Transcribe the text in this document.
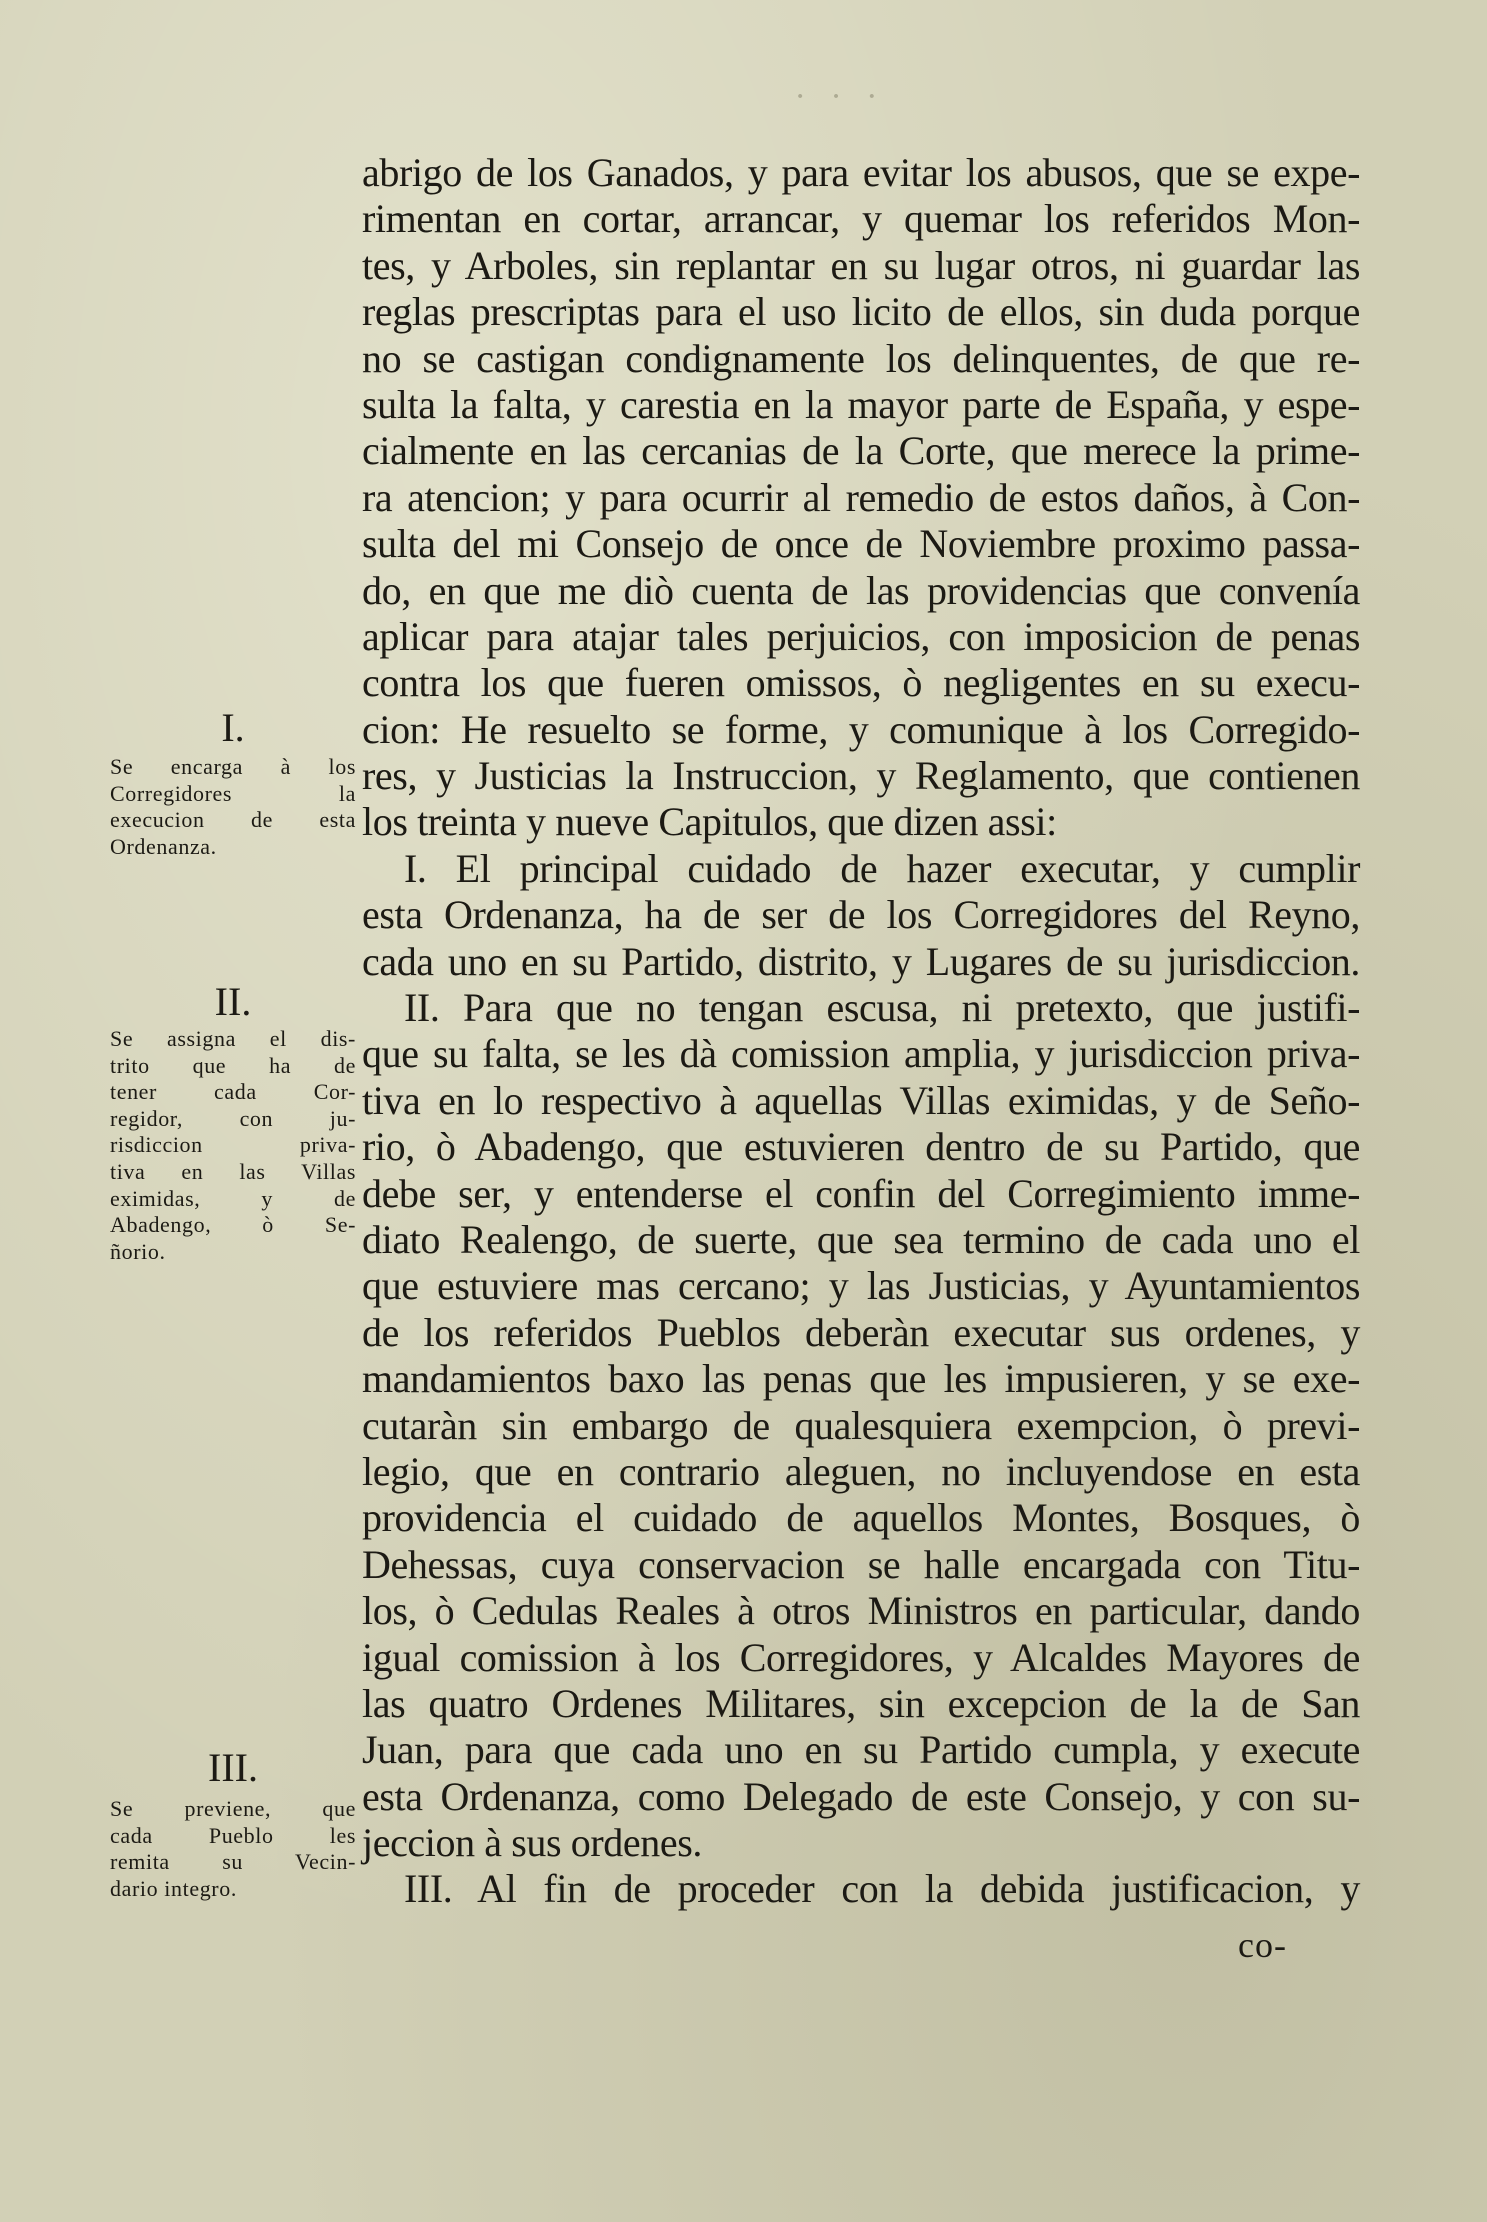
· · ·
abrigo de los Ganados, y para evitar los abusos, que se expe-
rimentan en cortar, arrancar, y quemar los referidos Mon-
tes, y Arboles, sin replantar en su lugar otros, ni guardar las
reglas prescriptas para el uso licito de ellos, sin duda porque
no se castigan condignamente los delinquentes, de que re-
sulta la falta, y carestia en la mayor parte de España, y espe-
cialmente en las cercanias de la Corte, que merece la prime-
ra atencion; y para ocurrir al remedio de estos daños, à Con-
sulta del mi Consejo de once de Noviembre proximo passa-
do, en que me diò cuenta de las providencias que convenía
aplicar para atajar tales perjuicios, con imposicion de penas
contra los que fueren omissos, ò negligentes en su execu-
cion: He resuelto se forme, y comunique à los Corregido-
res, y Justicias la Instruccion, y Reglamento, que contienen
los treinta y nueve Capitulos, que dizen assi:
I. El principal cuidado de hazer executar, y cumplir
esta Ordenanza, ha de ser de los Corregidores del Reyno,
cada uno en su Partido, distrito, y Lugares de su jurisdiccion.
II. Para que no tengan escusa, ni pretexto, que justifi-
que su falta, se les dà comission amplia, y jurisdiccion priva-
tiva en lo respectivo à aquellas Villas eximidas, y de Seño-
rio, ò Abadengo, que estuvieren dentro de su Partido, que
debe ser, y entenderse el confin del Corregimiento imme-
diato Realengo, de suerte, que sea termino de cada uno el
que estuviere mas cercano; y las Justicias, y Ayuntamientos
de los referidos Pueblos deberàn executar sus ordenes, y
mandamientos baxo las penas que les impusieren, y se exe-
cutaràn sin embargo de qualesquiera exempcion, ò previ-
legio, que en contrario aleguen, no incluyendose en esta
providencia el cuidado de aquellos Montes, Bosques, ò
Dehessas, cuya conservacion se halle encargada con Titu-
los, ò Cedulas Reales à otros Ministros en particular, dando
igual comission à los Corregidores, y Alcaldes Mayores de
las quatro Ordenes Militares, sin excepcion de la de San
Juan, para que cada uno en su Partido cumpla, y execute
esta Ordenanza, como Delegado de este Consejo, y con su-
jeccion à sus ordenes.
III. Al fin de proceder con la debida justificacion, y
co-
I.
Se encarga à los
Corregidores la
execucion de esta
Ordenanza.
II.
Se assigna el dis-
trito que ha de
tener cada Cor-
regidor, con ju-
risdiccion priva-
tiva en las Villas
eximidas, y de
Abadengo, ò Se-
ñorio.
III.
Se previene, que
cada Pueblo les
remita su Vecin-
dario integro.
